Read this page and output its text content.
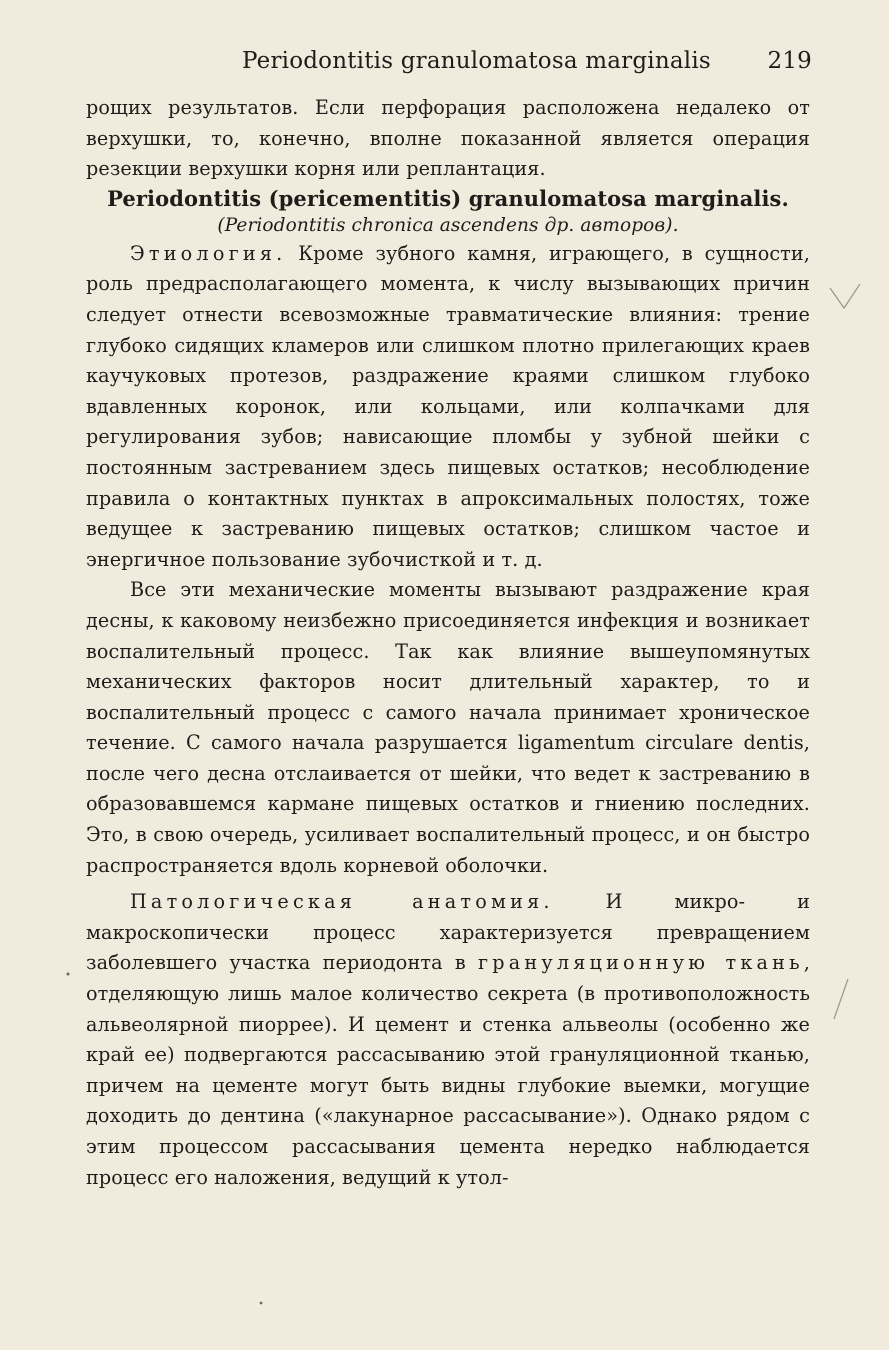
Periodontitis granulomatosa marginalis 219

рощих результатов. Если перфорация расположена недалеко от верхушки, то, конечно, вполне показанной является операция резекции верхушки корня или реплантация.

Periodontitis (pericementitis) granulomatosa marginalis.

(Periodontitis chronica ascendens др. авторов).

Этиология. Кроме зубного камня, играющего, в сущности, роль предрасполагающего момента, к числу вызывающих причин следует отнести всевозможные травматические влияния: трение глубоко сидящих кламеров или слишком плотно прилегающих краев каучуковых протезов, раздражение краями слишком глубоко вдавленных коронок, или кольцами, или колпачками для регулирования зубов; нависающие пломбы у зубной шейки с постоянным застреванием здесь пищевых остатков; несоблюдение правила о контактных пунктах в апроксимальных полостях, тоже ведущее к застреванию пищевых остатков; слишком частое и энергичное пользование зубочисткой и т. д.

Все эти механические моменты вызывают раздражение края десны, к каковому неизбежно присоединяется инфекция и возникает воспалительный процесс. Так как влияние вышеупомянутых механических факторов носит длительный характер, то и воспалительный процесс с самого начала принимает хроническое течение. С самого начала разрушается ligamentum circulare dentis, после чего десна отслаивается от шейки, что ведет к застреванию в образовавшемся кармане пищевых остатков и гниению последних. Это, в свою очередь, усиливает воспалительный процесс, и он быстро распространяется вдоль корневой оболочки.

Патологическая анатомия. И микро- и макроскопически процесс характеризуется превращением заболевшего участка периодонта в грануляционную ткань, отделяющую лишь малое количество секрета (в противоположность альвеолярной пиоррее). И цемент и стенка альвеолы (особенно же край ее) подвергаются рассасыванию этой грануляционной тканью, причем на цементе могут быть видны глубокие выемки, могущие доходить до дентина («лакунарное рассасывание»). Однако рядом с этим процессом рассасывания цемента нередко наблюдается процесс его наложения, ведущий к утол-
